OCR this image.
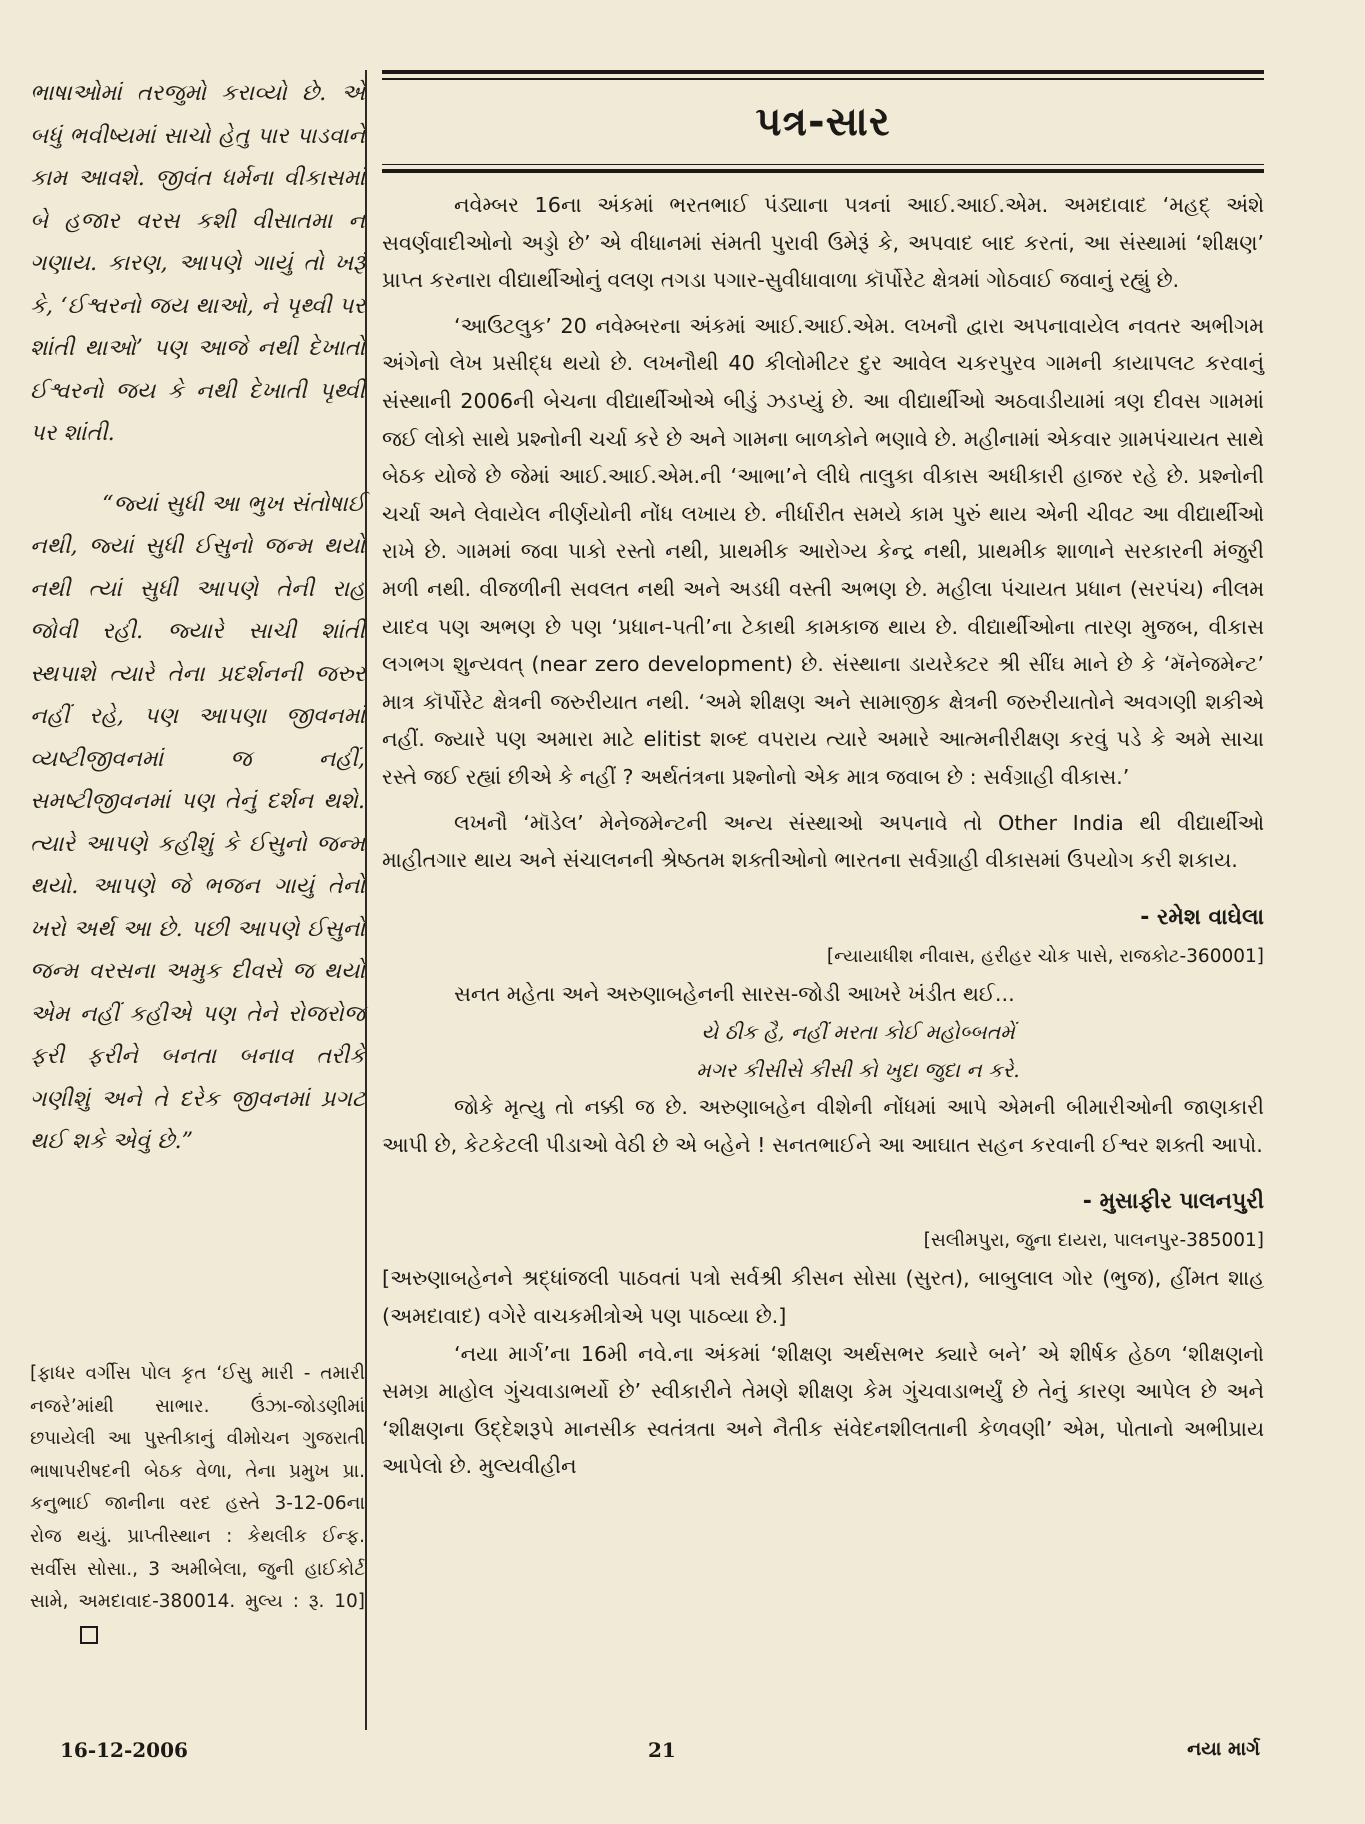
ભાષાઓમાં તરજુમો કરાવ્યો છે. એ બધું ભવીષ્યમાં સાચો હેતુ પાર પાડવાને કામ આવશે. જીવંત ધર્મના વીકાસમાં બે હજાર વરસ કશી વીસાતમા ન ગણાય. કારણ, આપણે ગાયું તો ખરૂં કે, ‘ઈશ્વરનો જય થાઓ, ને પૃથ્વી પર શાંતી થાઓ’ પણ આજે નથી દેખાતો ઈશ્વરનો જય કે નથી દેખાતી પૃથ્વી પર શાંતી.

“જ્યાં સુધી આ ભુખ સંતોષાઈ નથી, જ્યાં સુધી ઈસુનો જન્મ થયો નથી ત્યાં સુધી આપણે તેની રાહ જોવી રહી. જ્યારે સાચી શાંતી સ્થપાશે ત્યારે તેના પ્રદર્શનની જરુર નહીં રહે, પણ આપણા જીવનમાં વ્યષ્ટીજીવનમાં જ નહીં, સમષ્ટીજીવનમાં પણ તેનું દર્શન થશે. ત્યારે આપણે કહીશું કે ઈસુનો જન્મ થયો. આપણે જે ભજન ગાયું તેનો ખરો અર્થ આ છે. પછી આપણે ઈસુનો જન્મ વરસના અમુક દીવસે જ થયો એમ નહીં કહીએ પણ તેને રોજરોજ ફરી ફરીને બનતા બનાવ તરીકે ગણીશું અને તે દરેક જીવનમાં પ્રગટ થઈ શકે એવું છે.”

[ફાધર વર્ગીસ પોલ કૃત ‘ઈસુ મારી - તમારી નજરે’માંથી સાભાર. ઉંઝા-જોડણીમાં છપાયેલી આ પુસ્તીકાનું વીમોચન ગુજરાતી ભાષાપરીષદની બેઠક વેળા, તેના પ્રમુખ પ્રા. કનુભાઈ જાનીના વરદ હસ્તે 3-12-06ના રોજ થયું. પ્રાપ્તીસ્થાન : કેથલીક ઈન્ફ. સર્વીસ સોસા., 3 અમીબેલા, જુની હાઈકોર્ટ સામે, અમદાવાદ-380014. મુલ્ય : રૂ. 10]
પત્ર-સાર

નવેમ્બર 16ના અંકમાં ભરતભાઈ પંડ્યાના પત્રનાં આઈ.આઈ.એમ. અમદાવાદ ‘મહદ્ અંશે સવર્ણવાદીઓનો અડ્ડો છે’ એ વીધાનમાં સંમતી પુરાવી ઉમેરૂં કે, અપવાદ બાદ કરતાં, આ સંસ્થામાં ‘શીક્ષણ’ પ્રાપ્ત કરનારા વીદ્યાર્થીઓનું વલણ તગડા પગાર-સુવીધાવાળા કૉર્પોરેટ ક્ષેત્રમાં ગોઠવાઈ જવાનું રહ્યું છે.

‘આઉટલુક’ 20 નવેમ્બરના અંકમાં આઈ.આઈ.એમ. લખનૌ દ્વારા અપનાવાયેલ નવતર અભીગમ અંગેનો લેખ પ્રસીદ્ધ થયો છે. લખનૌથી 40 કીલોમીટર દુર આવેલ ચકરપુરવ ગામની કાયાપલટ કરવાનું સંસ્થાની 2006ની બેચના વીદ્યાર્થીઓએ બીડું ઝડપ્યું છે. આ વીદ્યાર્થીઓ અઠવાડીયામાં ત્રણ દીવસ ગામમાં જઈ લોકો સાથે પ્રશ્નોની ચર્ચા કરે છે અને ગામના બાળકોને ભણાવે છે. મહીનામાં એકવાર ગ્રામપંચાયત સાથે બેઠક યોજે છે જેમાં આઈ.આઈ.એમ.ની ‘આભા’ને લીધે તાલુકા વીકાસ અધીકારી હાજર રહે છે. પ્રશ્નોની ચર્ચા અને લેવાયેલ નીર્ણયોની નોંધ લખાય છે. નીર્ધારીત સમયે કામ પુરું થાય એની ચીવટ આ વીદ્યાર્થીઓ રાખે છે. ગામમાં જવા પાકો રસ્તો નથી, પ્રાથમીક આરોગ્ય કેન્દ્ર નથી, પ્રાથમીક શાળાને સરકારની મંજુરી મળી નથી. વીજળીની સવલત નથી અને અડધી વસ્તી અભણ છે. મહીલા પંચાયત પ્રધાન (સરપંચ) નીલમ યાદવ પણ અભણ છે પણ ‘પ્રધાન-પતી’ના ટેકાથી કામકાજ થાય છે. વીદ્યાર્થીઓના તારણ મુજબ, વીકાસ લગભગ શુન્યવત્ (near zero development) છે. સંસ્થાના ડાયરેક્ટર શ્રી સીંઘ માને છે કે ‘મૅનેજમેન્ટ’ માત્ર કૉર્પોરેટ ક્ષેત્રની જરુરીયાત નથી. ‘અમે શીક્ષણ અને સામાજીક ક્ષેત્રની જરુરીયાતોને અવગણી શકીએ નહીં. જ્યારે પણ અમારા માટે elitist શબ્દ વપરાય ત્યારે અમારે આત્મનીરીક્ષણ કરવું પડે કે અમે સાચા રસ્તે જઈ રહ્યાં છીએ કે નહીં ? અર્થતંત્રના પ્રશ્નોનો એક માત્ર જવાબ છે : સર્વગ્રાહી વીકાસ.’

લખનૌ ‘મૉડેલ’ મેનેજમેન્ટની અન્ય સંસ્થાઓ અપનાવે તો Other India થી વીદ્યાર્થીઓ માહીતગાર થાય અને સંચાલનની શ્રેષ્ઠતમ શક્તીઓનો ભારતના સર્વગ્રાહી વીકાસમાં ઉપયોગ કરી શકાય.

- રમેશ વાઘેલા
[ન્યાયાધીશ નીવાસ, હરીહર ચોક પાસે, રાજકોટ-360001]

સનત મહેતા અને અરુણાબહેનની સારસ-જોડી આખરે ખંડીત થઈ...

યે ઠીક હૈ, નહીં મરતા કોઈ મહોબ્બતમેં
મગર કીસીસે કીસી કો ખુદા જુદા ન કરે.

જોકે મૃત્યુ તો નક્કી જ છે. અરુણાબહેન વીશેની નોંધમાં આપે એમની બીમારીઓની જાણકારી આપી છે, કેટકેટલી પીડાઓ વેઠી છે એ બહેને ! સનતભાઈને આ આઘાત સહન કરવાની ઈશ્વર શક્તી આપો.

- મુસાફીર પાલનપુરી
[સલીમપુરા, જુના દાયરા, પાલનપુર-385001]

[અરુણાબહેનને શ્રદ્ધાંજલી પાઠવતાં પત્રો સર્વશ્રી કીસન સોસા (સુરત), બાબુલાલ ગોર (ભુજ), હીંમત શાહ (અમદાવાદ) વગેરે વાચકમીત્રોએ પણ પાઠવ્યા છે.]

‘નયા માર્ગ’ના 16મી નવે.ના અંકમાં ‘શીક્ષણ અર્થસભર ક્યારે બને’ એ શીર્ષક હેઠળ ‘શીક્ષણનો સમગ્ર માહોલ ગુંચવાડાભર્યો છે’ સ્વીકારીને તેમણે શીક્ષણ કેમ ગુંચવાડાભર્યું છે તેનું કારણ આપેલ છે અને ‘શીક્ષણના ઉદ્દેશરૂપે માનસીક સ્વતંત્રતા અને નૈતીક સંવેદનશીલતાની કેળવણી’ એમ, પોતાનો અભીપ્રાય આપેલો છે. મુલ્યવીહીન

16-12-2006	21	નયા માર્ગ
